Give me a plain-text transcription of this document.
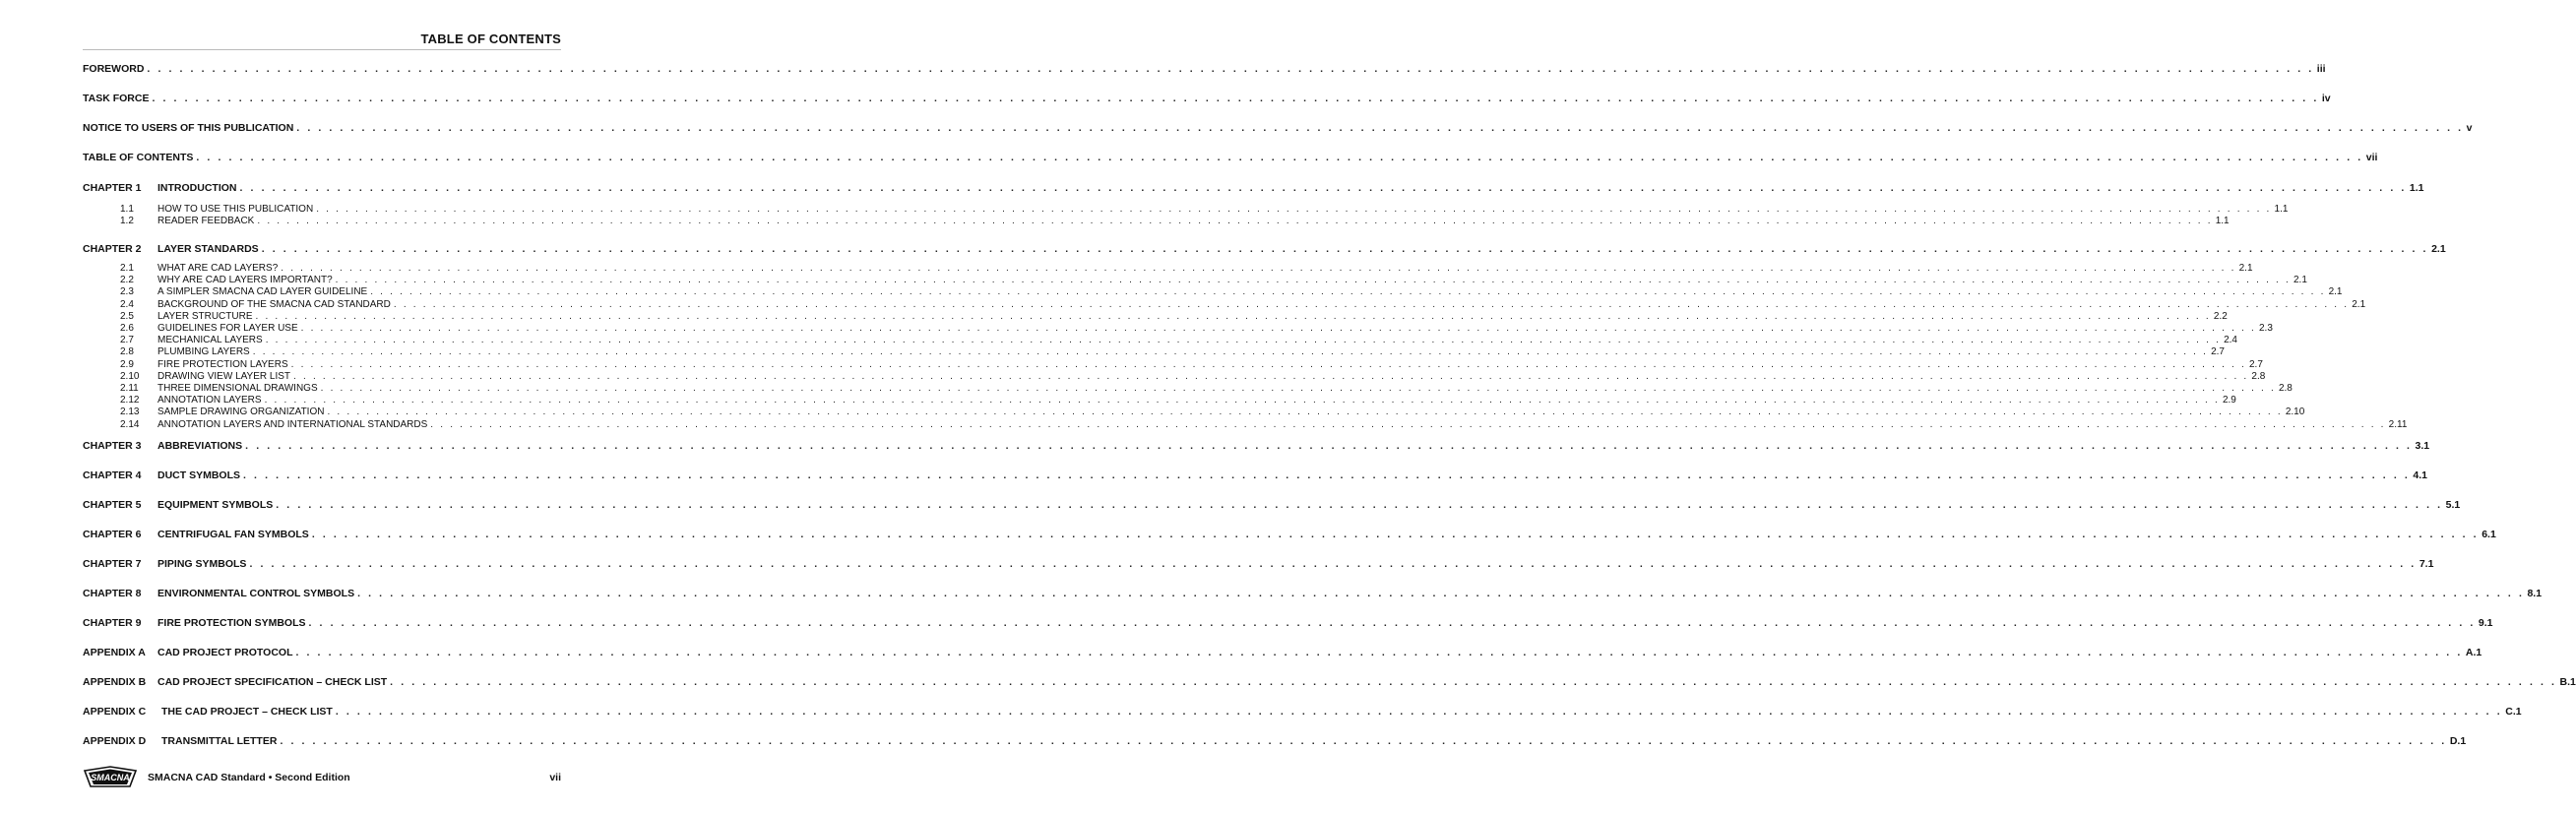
TABLE OF CONTENTS
FOREWORD . . . . . . . . . . . . . . . . . . . . . . . . . . . . . . . . . . . . . . . . . . . . . . . . . . . . . . . . . . . . . . . . . . . . . . . . . . . . . . . . . . . . . . . . . . . . . . . . . . . . . . . . . . . . . . . . . . . . . . . . . . . . . . . . . . . . . . . . . . . . . . . . . . . . . . . . . . . . . . . . . . . . . . . . . . . . . . . . . . . . . . . . . . . . . . . . . . . . . . . . iii
TASK FORCE . . . . . . . . . . . . . . . . . . . . . . . . . . . . . . . . . . . . . . . . . . . . . . . . . . . . . . . . . . . . . . . . . . . . . . . . . . . . . . . . . . . . . . . . . . . . . . . . . . . . . . . . . . . . . . . . . . . . . . . . . . . . . . . . . . . . . . . . . . . . . . . . . . . . . . . . . . . . . . . . . . . . . . . . . . . . . . . . . . . . . . . . . . . . . . . . . . . . . . . . iv
NOTICE TO USERS OF THIS PUBLICATION . . . . . . . . . . . . . . . . . . . . . . . . . . . . . . . . . . . . . . . . . . . . . . . . . . . . . . . . . . . . . . . . . . . . . . . . . . . . . . . . . . . . . . . . . . . . . . . . . . . . . . . . . . . . . . . . . . . . . . . . . . . . . . . . . . . . . . . . . . . . . . . . . . . . . . . . . . . . . . . . . . . . . . . . . . . . . . . . . . . . . . . . . . . . . . . . . . . . . . . . v
TABLE OF CONTENTS . . . . . . . . . . . . . . . . . . . . . . . . . . . . . . . . . . . . . . . . . . . . . . . . . . . . . . . . . . . . . . . . . . . . . . . . . . . . . . . . . . . . . . . . . . . . . . . . . . . . . . . . . . . . . . . . . . . . . . . . . . . . . . . . . . . . . . . . . . . . . . . . . . . . . . . . . . . . . . . . . . . . . . . . . . . . . . . . . . . . . . . . . . . . . . . . . . . . . . . . vii
CHAPTER 1	INTRODUCTION . . . . . . . . . . . . . . . . . . . . . . . . . . . . . . . . . . . . . . . . . . . . . . . . . . . . . . . . . . . . . . . . . . . . . . . . . . . . . . . . . . . . . . . . . . . . . . . . . . . . . . . . . . . . . . . . . . . . . . . . . . . . . . . . . . . . . . . . . . . . . . . . . . . . . . . . . . . . . . . . . . . . . . . . . . . . . . . . . . . . . . . . . . . . . . . . . . . . . . . . 1.1
1.1	HOW TO USE THIS PUBLICATION . . . . . . . . . . . . . . . . . . . . . . . . . . . . . . . . . . . . . . . . . . . . . . . . . . . . . . . . . . . . . . . . . . . . . . . . . . . . . . . . . . . . . . . . . . . . . . . . . . . . . . . . . . . . . . . . . . . . . . . . . . . . . . . . . . . . . . . . . . . . . . . . . . . . . . . . . . . . . . . . . . . . . . . . . . . . . . . . . . . . . . . . . . . . . . . . . . . . . . . . 1.1
1.2	READER FEEDBACK . . . . . . . . . . . . . . . . . . . . . . . . . . . . . . . . . . . . . . . . . . . . . . . . . . . . . . . . . . . . . . . . . . . . . . . . . . . . . . . . . . . . . . . . . . . . . . . . . . . . . . . . . . . . . . . . . . . . . . . . . . . . . . . . . . . . . . . . . . . . . . . . . . . . . . . . . . . . . . . . . . . . . . . . . . . . . . . . . . . . . . . . . . . . . . . . . . . . . . . . 1.1
CHAPTER 2	LAYER STANDARDS . . . . . . . . . . . . . . . . . . . . . . . . . . . . . . . . . . . . . . . . . . . . . . . . . . . . . . . . . . . . . . . . . . . . . . . . . . . . . . . . . . . . . . . . . . . . . . . . . . . . . . . . . . . . . . . . . . . . . . . . . . . . . . . . . . . . . . . . . . . . . . . . . . . . . . . . . . . . . . . . . . . . . . . . . . . . . . . . . . . . . . . . . . . . . . . . . . . . . . . . 2.1
2.1	WHAT ARE CAD LAYERS? . . . . . . . . . . . . . . . . . . . . . . . . . . . . . . . . . . . . . . . . . . . . . . . . . . . . . . . . . . . . . . . . . . . . . . . . . . . . . . . . . . . . . . . . . . . . . . . . . . . . . . . . . . . . . . . . . . . . . . . . . . . . . . . . . . . . . . . . . . . . . . . . . . . . . . . . . . . . . . . . . . . . . . . . . . . . . . . . . . . . . . . . . . . . . . . . . . . . . . . . 2.1
2.2	WHY ARE CAD LAYERS IMPORTANT? . . . . . . . . . . . . . . . . . . . . . . . . . . . . . . . . . . . . . . . . . . . . . . . . . . . . . . . . . . . . . . . . . . . . . . . . . . . . . . . . . . . . . . . . . . . . . . . . . . . . . . . . . . . . . . . . . . . . . . . . . . . . . . . . . . . . . . . . . . . . . . . . . . . . . . . . . . . . . . . . . . . . . . . . . . . . . . . . . . . . . . . . . . . . . . . . . . . . . . . . 2.1
2.3	A SIMPLER SMACNA CAD LAYER GUIDELINE . . . . . . . . . . . . . . . . . . . . . . . . . . . . . . . . . . . . . . . . . . . . . . . . . . . . . . . . . . . . . . . . . . . . . . . . . . . . . . . . . . . . . . . . . . . . . . . . . . . . . . . . . . . . . . . . . . . . . . . . . . . . . . . . . . . . . . . . . . . . . . . . . . . . . . . . . . . . . . . . . . . . . . . . . . . . . . . . . . . . . . . . . . . . . . . . . . . . . . . . 2.1
2.4	BACKGROUND OF THE SMACNA CAD STANDARD . . . . . . . . . . . . . . . . . . . . . . . . . . . . . . . . . . . . . . . . . . . . . . . . . . . . . . . . . . . . . . . . . . . . . . . . . . . . . . . . . . . . . . . . . . . . . . . . . . . . . . . . . . . . . . . . . . . . . . . . . . . . . . . . . . . . . . . . . . . . . . . . . . . . . . . . . . . . . . . . . . . . . . . . . . . . . . . . . . . . . . . . . . . . . . . . . . . . . . . . 2.1
2.5	LAYER STRUCTURE . . . . . . . . . . . . . . . . . . . . . . . . . . . . . . . . . . . . . . . . . . . . . . . . . . . . . . . . . . . . . . . . . . . . . . . . . . . . . . . . . . . . . . . . . . . . . . . . . . . . . . . . . . . . . . . . . . . . . . . . . . . . . . . . . . . . . . . . . . . . . . . . . . . . . . . . . . . . . . . . . . . . . . . . . . . . . . . . . . . . . . . . . . . . . . . . . . . . . . . . 2.2
2.6	GUIDELINES FOR LAYER USE . . . . . . . . . . . . . . . . . . . . . . . . . . . . . . . . . . . . . . . . . . . . . . . . . . . . . . . . . . . . . . . . . . . . . . . . . . . . . . . . . . . . . . . . . . . . . . . . . . . . . . . . . . . . . . . . . . . . . . . . . . . . . . . . . . . . . . . . . . . . . . . . . . . . . . . . . . . . . . . . . . . . . . . . . . . . . . . . . . . . . . . . . . . . . . . . . . . . . . . . 2.3
2.7	MECHANICAL LAYERS . . . . . . . . . . . . . . . . . . . . . . . . . . . . . . . . . . . . . . . . . . . . . . . . . . . . . . . . . . . . . . . . . . . . . . . . . . . . . . . . . . . . . . . . . . . . . . . . . . . . . . . . . . . . . . . . . . . . . . . . . . . . . . . . . . . . . . . . . . . . . . . . . . . . . . . . . . . . . . . . . . . . . . . . . . . . . . . . . . . . . . . . . . . . . . . . . . . . . . . . 2.4
2.8	PLUMBING LAYERS . . . . . . . . . . . . . . . . . . . . . . . . . . . . . . . . . . . . . . . . . . . . . . . . . . . . . . . . . . . . . . . . . . . . . . . . . . . . . . . . . . . . . . . . . . . . . . . . . . . . . . . . . . . . . . . . . . . . . . . . . . . . . . . . . . . . . . . . . . . . . . . . . . . . . . . . . . . . . . . . . . . . . . . . . . . . . . . . . . . . . . . . . . . . . . . . . . . . . . . . 2.7
2.9	FIRE PROTECTION LAYERS . . . . . . . . . . . . . . . . . . . . . . . . . . . . . . . . . . . . . . . . . . . . . . . . . . . . . . . . . . . . . . . . . . . . . . . . . . . . . . . . . . . . . . . . . . . . . . . . . . . . . . . . . . . . . . . . . . . . . . . . . . . . . . . . . . . . . . . . . . . . . . . . . . . . . . . . . . . . . . . . . . . . . . . . . . . . . . . . . . . . . . . . . . . . . . . . . . . . . . . . 2.7
2.10	DRAWING VIEW LAYER LIST . . . . . . . . . . . . . . . . . . . . . . . . . . . . . . . . . . . . . . . . . . . . . . . . . . . . . . . . . . . . . . . . . . . . . . . . . . . . . . . . . . . . . . . . . . . . . . . . . . . . . . . . . . . . . . . . . . . . . . . . . . . . . . . . . . . . . . . . . . . . . . . . . . . . . . . . . . . . . . . . . . . . . . . . . . . . . . . . . . . . . . . . . . . . . . . . . . . . . . . . 2.8
2.11	THREE DIMENSIONAL DRAWINGS . . . . . . . . . . . . . . . . . . . . . . . . . . . . . . . . . . . . . . . . . . . . . . . . . . . . . . . . . . . . . . . . . . . . . . . . . . . . . . . . . . . . . . . . . . . . . . . . . . . . . . . . . . . . . . . . . . . . . . . . . . . . . . . . . . . . . . . . . . . . . . . . . . . . . . . . . . . . . . . . . . . . . . . . . . . . . . . . . . . . . . . . . . . . . . . . . . . . . . . . 2.8
2.12	ANNOTATION LAYERS . . . . . . . . . . . . . . . . . . . . . . . . . . . . . . . . . . . . . . . . . . . . . . . . . . . . . . . . . . . . . . . . . . . . . . . . . . . . . . . . . . . . . . . . . . . . . . . . . . . . . . . . . . . . . . . . . . . . . . . . . . . . . . . . . . . . . . . . . . . . . . . . . . . . . . . . . . . . . . . . . . . . . . . . . . . . . . . . . . . . . . . . . . . . . . . . . . . . . . . . 2.9
2.13	SAMPLE DRAWING ORGANIZATION . . . . . . . . . . . . . . . . . . . . . . . . . . . . . . . . . . . . . . . . . . . . . . . . . . . . . . . . . . . . . . . . . . . . . . . . . . . . . . . . . . . . . . . . . . . . . . . . . . . . . . . . . . . . . . . . . . . . . . . . . . . . . . . . . . . . . . . . . . . . . . . . . . . . . . . . . . . . . . . . . . . . . . . . . . . . . . . . . . . . . . . . . . . . . . . . . . . . . . . . 2.10
2.14	ANNOTATION LAYERS AND INTERNATIONAL STANDARDS . . . . . . . . . . . . . . . . . . . . . . . . . . . . . . . . . . . . . . . . . . . . . . . . . . . . . . . . . . . . . . . . . . . . . . . . . . . . . . . . . . . . . . . . . . . . . . . . . . . . . . . . . . . . . . . . . . . . . . . . . . . . . . . . . . . . . . . . . . . . . . . . . . . . . . . . . . . . . . . . . . . . . . . . . . . . . . . . . . . . . . . . . . . . . . . . . . . . . . . . 2.11
CHAPTER 3	ABBREVIATIONS . . . . . . . . . . . . . . . . . . . . . . . . . . . . . . . . . . . . . . . . . . . . . . . . . . . . . . . . . . . . . . . . . . . . . . . . . . . . . . . . . . . . . . . . . . . . . . . . . . . . . . . . . . . . . . . . . . . . . . . . . . . . . . . . . . . . . . . . . . . . . . . . . . . . . . . . . . . . . . . . . . . . . . . . . . . . . . . . . . . . . . . . . . . . . . . . . . . . . . . . 3.1
CHAPTER 4	DUCT SYMBOLS . . . . . . . . . . . . . . . . . . . . . . . . . . . . . . . . . . . . . . . . . . . . . . . . . . . . . . . . . . . . . . . . . . . . . . . . . . . . . . . . . . . . . . . . . . . . . . . . . . . . . . . . . . . . . . . . . . . . . . . . . . . . . . . . . . . . . . . . . . . . . . . . . . . . . . . . . . . . . . . . . . . . . . . . . . . . . . . . . . . . . . . . . . . . . . . . . . . . . . . . 4.1
CHAPTER 5	EQUIPMENT SYMBOLS . . . . . . . . . . . . . . . . . . . . . . . . . . . . . . . . . . . . . . . . . . . . . . . . . . . . . . . . . . . . . . . . . . . . . . . . . . . . . . . . . . . . . . . . . . . . . . . . . . . . . . . . . . . . . . . . . . . . . . . . . . . . . . . . . . . . . . . . . . . . . . . . . . . . . . . . . . . . . . . . . . . . . . . . . . . . . . . . . . . . . . . . . . . . . . . . . . . . . . . . 5.1
CHAPTER 6	CENTRIFUGAL FAN SYMBOLS . . . . . . . . . . . . . . . . . . . . . . . . . . . . . . . . . . . . . . . . . . . . . . . . . . . . . . . . . . . . . . . . . . . . . . . . . . . . . . . . . . . . . . . . . . . . . . . . . . . . . . . . . . . . . . . . . . . . . . . . . . . . . . . . . . . . . . . . . . . . . . . . . . . . . . . . . . . . . . . . . . . . . . . . . . . . . . . . . . . . . . . . . . . . . . . . . . . . . . . . 6.1
CHAPTER 7	PIPING SYMBOLS . . . . . . . . . . . . . . . . . . . . . . . . . . . . . . . . . . . . . . . . . . . . . . . . . . . . . . . . . . . . . . . . . . . . . . . . . . . . . . . . . . . . . . . . . . . . . . . . . . . . . . . . . . . . . . . . . . . . . . . . . . . . . . . . . . . . . . . . . . . . . . . . . . . . . . . . . . . . . . . . . . . . . . . . . . . . . . . . . . . . . . . . . . . . . . . . . . . . . . . . 7.1
CHAPTER 8	ENVIRONMENTAL CONTROL SYMBOLS . . . . . . . . . . . . . . . . . . . . . . . . . . . . . . . . . . . . . . . . . . . . . . . . . . . . . . . . . . . . . . . . . . . . . . . . . . . . . . . . . . . . . . . . . . . . . . . . . . . . . . . . . . . . . . . . . . . . . . . . . . . . . . . . . . . . . . . . . . . . . . . . . . . . . . . . . . . . . . . . . . . . . . . . . . . . . . . . . . . . . . . . . . . . . . . . . . . . . . . . 8.1
CHAPTER 9	FIRE PROTECTION SYMBOLS . . . . . . . . . . . . . . . . . . . . . . . . . . . . . . . . . . . . . . . . . . . . . . . . . . . . . . . . . . . . . . . . . . . . . . . . . . . . . . . . . . . . . . . . . . . . . . . . . . . . . . . . . . . . . . . . . . . . . . . . . . . . . . . . . . . . . . . . . . . . . . . . . . . . . . . . . . . . . . . . . . . . . . . . . . . . . . . . . . . . . . . . . . . . . . . . . . . . . . . . 9.1
APPENDIX A	CAD PROJECT PROTOCOL . . . . . . . . . . . . . . . . . . . . . . . . . . . . . . . . . . . . . . . . . . . . . . . . . . . . . . . . . . . . . . . . . . . . . . . . . . . . . . . . . . . . . . . . . . . . . . . . . . . . . . . . . . . . . . . . . . . . . . . . . . . . . . . . . . . . . . . . . . . . . . . . . . . . . . . . . . . . . . . . . . . . . . . . . . . . . . . . . . . . . . . . . . . . . . . . . . . . . . . . A.1
APPENDIX B	CAD PROJECT SPECIFICATION – CHECK LIST . . . . . . . . . . . . . . . . . . . . . . . . . . . . . . . . . . . . . . . . . . . . . . . . . . . . . . . . . . . . . . . . . . . . . . . . . . . . . . . . . . . . . . . . . . . . . . . . . . . . . . . . . . . . . . . . . . . . . . . . . . . . . . . . . . . . . . . . . . . . . . . . . . . . . . . . . . . . . . . . . . . . . . . . . . . . . . . . . . . . . . . . . . . . . . . . . . . . . . . . B.1
APPENDIX C	THE CAD PROJECT – CHECK LIST . . . . . . . . . . . . . . . . . . . . . . . . . . . . . . . . . . . . . . . . . . . . . . . . . . . . . . . . . . . . . . . . . . . . . . . . . . . . . . . . . . . . . . . . . . . . . . . . . . . . . . . . . . . . . . . . . . . . . . . . . . . . . . . . . . . . . . . . . . . . . . . . . . . . . . . . . . . . . . . . . . . . . . . . . . . . . . . . . . . . . . . . . . . . . . . . . . . . . . . . C.1
APPENDIX D	TRANSMITTAL LETTER . . . . . . . . . . . . . . . . . . . . . . . . . . . . . . . . . . . . . . . . . . . . . . . . . . . . . . . . . . . . . . . . . . . . . . . . . . . . . . . . . . . . . . . . . . . . . . . . . . . . . . . . . . . . . . . . . . . . . . . . . . . . . . . . . . . . . . . . . . . . . . . . . . . . . . . . . . . . . . . . . . . . . . . . . . . . . . . . . . . . . . . . . . . . . . . . . . . . . . . . D.1
SMACNA SMACNA CAD Standard • Second Edition	vii
